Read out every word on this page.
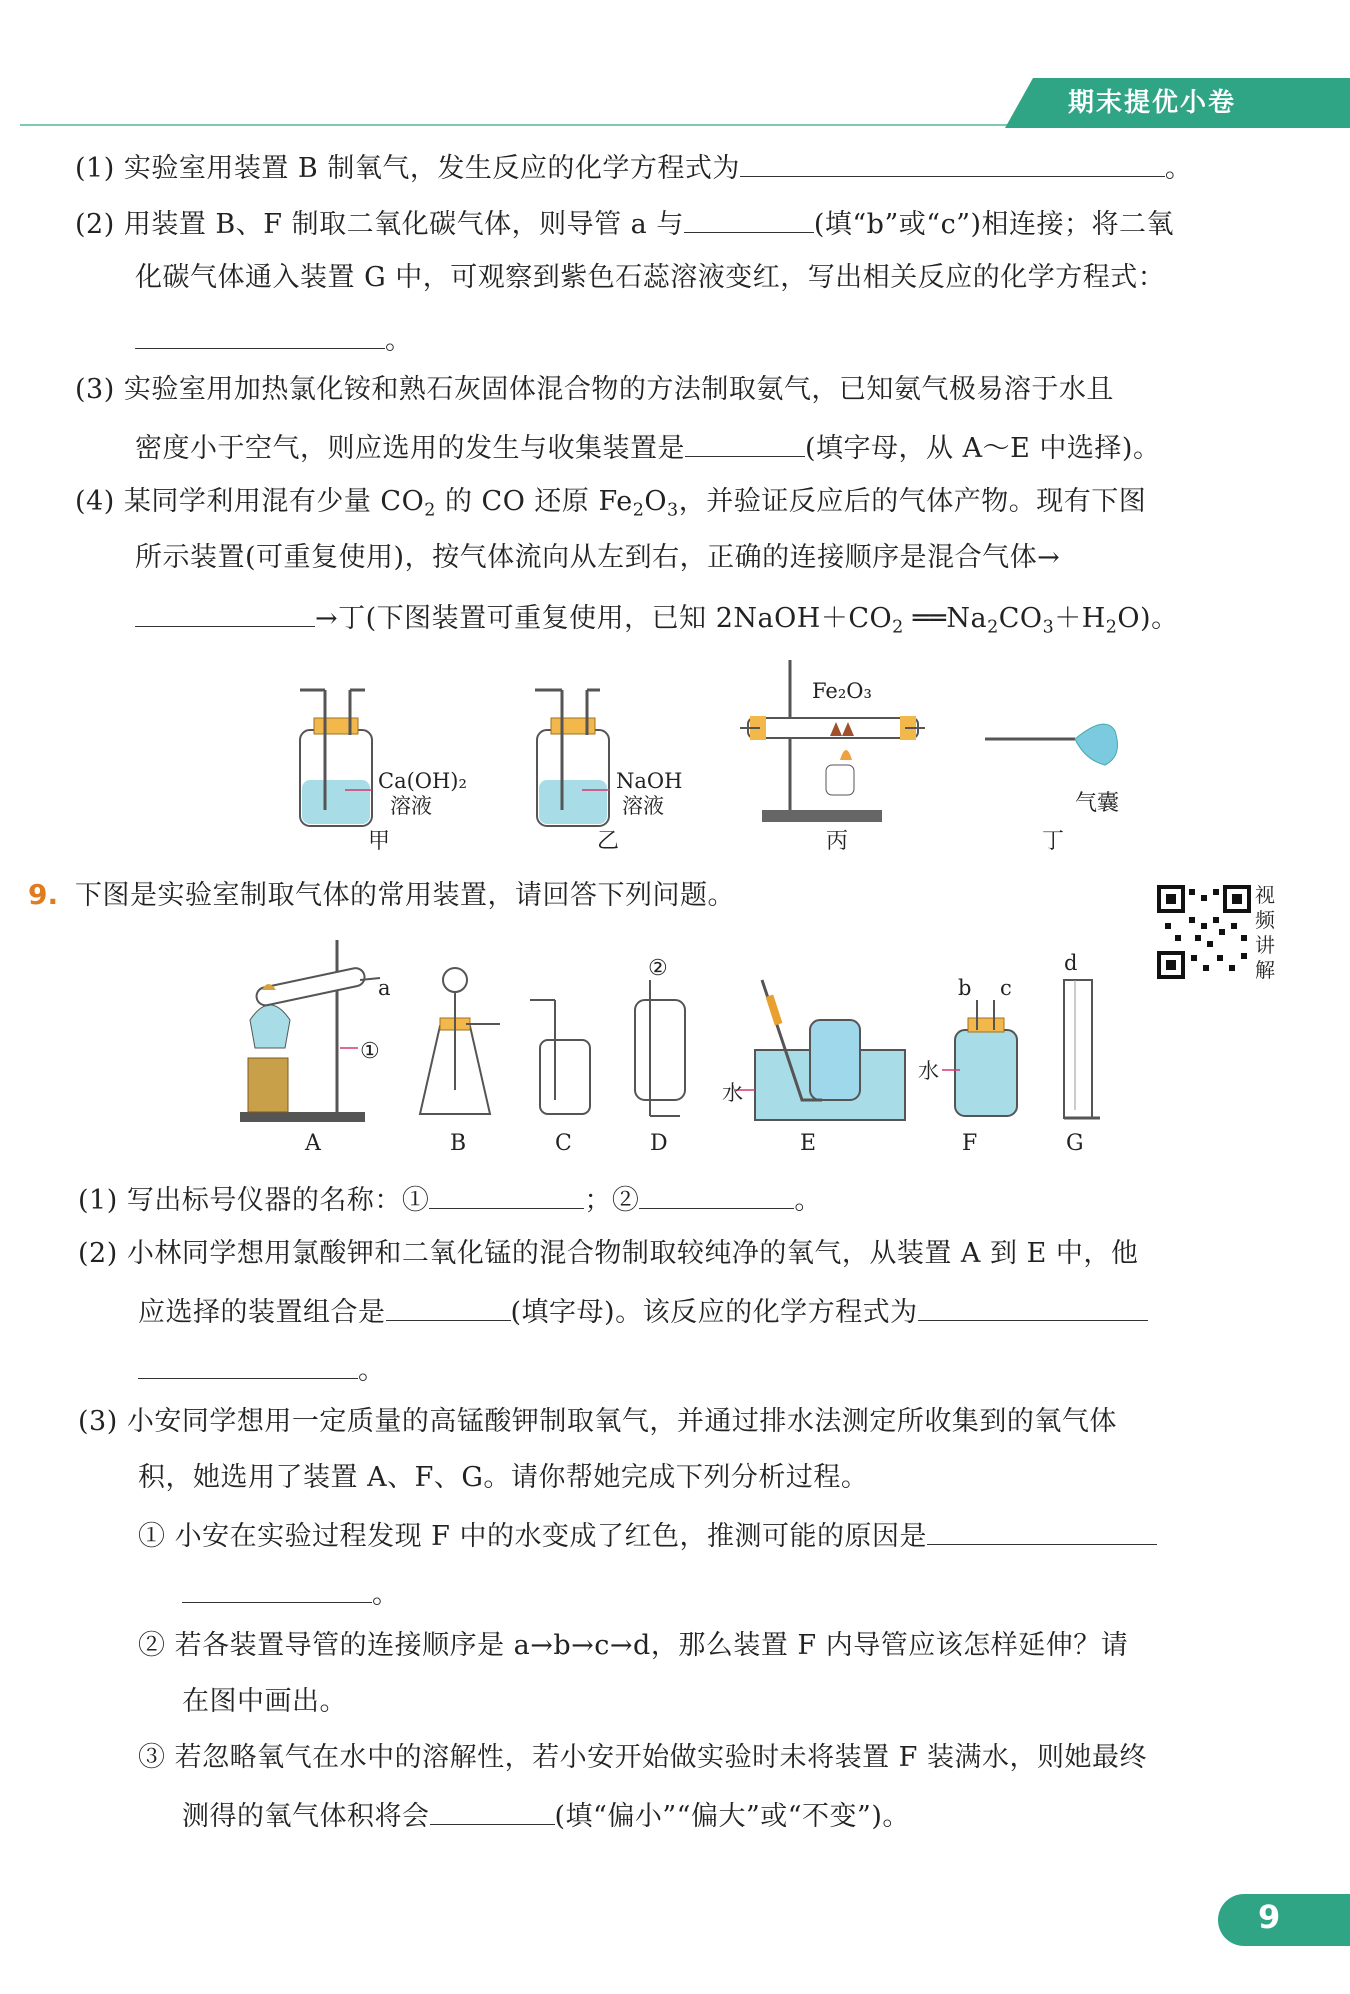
期末提优小卷
(1) 实验室用装置 B 制氧气，发生反应的化学方程式为	。
(2) 用装置 B、F 制取二氧化碳气体，则导管 a 与	(填“b”或“c”)相连接；将二氧
化碳气体通入装置 G 中，可观察到紫色石蕊溶液变红，写出相关反应的化学方程式：
。
(3) 实验室用加热氯化铵和熟石灰固体混合物的方法制取氨气，已知氨气极易溶于水且
密度小于空气，则应选用的发生与收集装置是	(填字母，从 A～E 中选择)。
(4) 某同学利用混有少量 $CO_2$ 的 CO 还原 $Fe_2O_3$，并验证反应后的气体产物。现有下图
所示装置(可重复使用)，按气体流向从左到右，正确的连接顺序是混合气体→
→丁(下图装置可重复使用，已知 $2NaOH+CO_2$ $══Na_2CO_3+H_2O$)。
Ca(OH)₂
溶液
甲
NaOH
溶液
乙
Fe₂O₃
丙
气囊
丁
9. 下图是实验室制取气体的常用装置，请回答下列问题。	视
频
讲
解
a
①
②
水
b c
水
d
A	B	C	D	E	F	G
(1) 写出标号仪器的名称：①	；②	。
(2) 小林同学想用氯酸钾和二氧化锰的混合物制取较纯净的氧气，从装置 A 到 E 中，他
应选择的装置组合是	(填字母)。该反应的化学方程式为
。
(3) 小安同学想用一定质量的高锰酸钾制取氧气，并通过排水法测定所收集到的氧气体
积，她选用了装置 A、F、G。请你帮她完成下列分析过程。
① 小安在实验过程发现 F 中的水变成了红色，推测可能的原因是
。
② 若各装置导管的连接顺序是 a→b→c→d，那么装置 F 内导管应该怎样延伸？请
在图中画出。
③ 若忽略氧气在水中的溶解性，若小安开始做实验时未将装置 F 装满水，则她最终
测得的氧气体积将会	(填“偏小”“偏大”或“不变”)。
9
